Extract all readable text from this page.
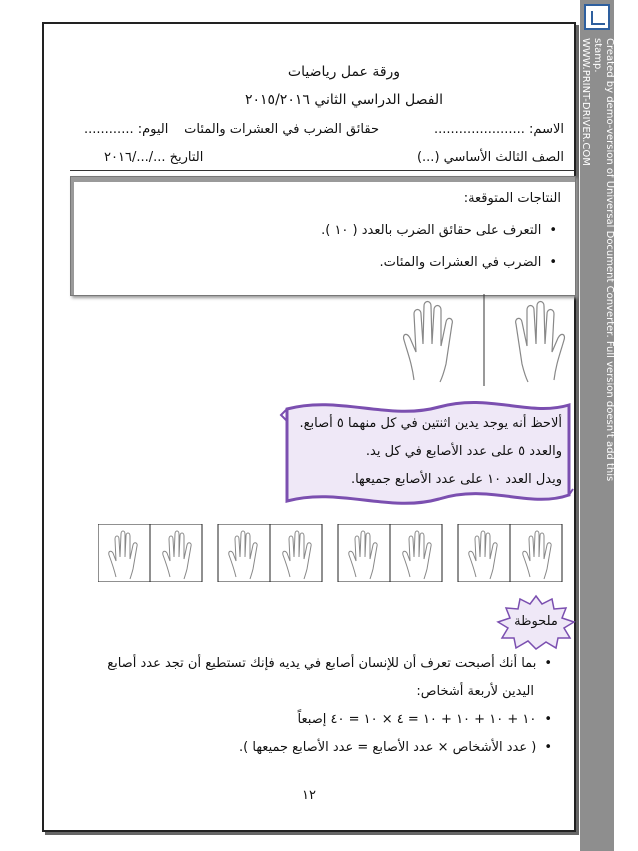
Created by demo-version of Universal Document Converter. Full version doesn't add this stamp.
WWW.PRINT-DRIVER.COM
ورقة عمل رياضيات
الفصل الدراسي الثاني ٢٠١٥/٢٠١٦
الاسم: ......................
حقائق الضرب في العشرات والمئات
اليوم: ............
الصف الثالث الأساسي (...)
التاريخ .../.../٢٠١٦
النتاجات المتوقعة:
• التعرف على حقائق الضرب بالعدد ( ١٠ ).
• الضرب في العشرات والمئات.
ألاحظ أنه يوجد يدين اثنتين في كل منهما ٥ أصابع.
والعدد ٥ على عدد الأصابع في كل يد.
ويدل العدد ١٠ على عدد الأصابع جميعها.
ملحوظة
• بما أنك أصبحت تعرف أن للإنسان أصابع في يديه فإنك تستطيع أن تجد عدد أصابع
اليدين لأربعة أشخاص:
• ١٠ + ١٠ + ١٠ + ١٠ = ٤ × ١٠ = ٤٠ إصبعاً
• ( عدد الأشخاص × عدد الأصابع = عدد الأصابع جميعها ).
١٢
